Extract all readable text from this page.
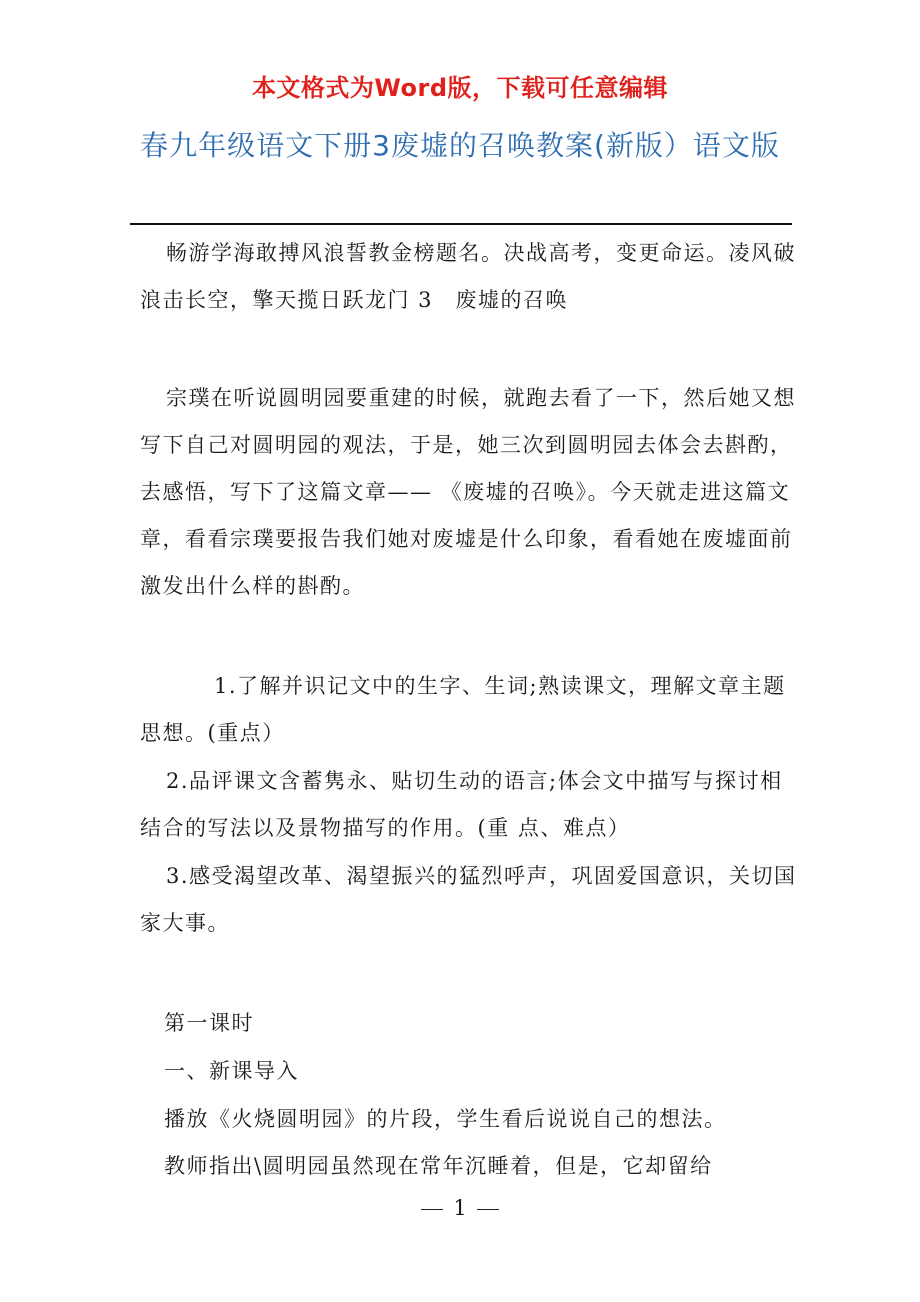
本文格式为Word版，下载可任意编辑
春九年级语文下册3废墟的召唤教案(新版）语文版

畅游学海敢搏风浪誓教金榜题名。决战高考，变更命运。凌风破浪击长空，擎天揽日跃龙门 3　废墟的召唤

宗璞在听说圆明园要重建的时候，就跑去看了一下，然后她又想写下自己对圆明园的观法，于是，她三次到圆明园去体会去斟酌，去感悟，写下了这篇文章—— 《废墟的召唤》。今天就走进这篇文章，看看宗璞要报告我们她对废墟是什么印象，看看她在废墟面前激发出什么样的斟酌。

1.了解并识记文中的生字、生词;熟读课文，理解文章主题思想。(重点）

2.品评课文含蓄隽永、贴切生动的语言;体会文中描写与探讨相结合的写法以及景物描写的作用。(重 点、难点）

3.感受渴望改革、渴望振兴的猛烈呼声，巩固爱国意识，关切国家大事。

第一课时

一、新课导入

播放《火烧圆明园》的片段，学生看后说说自己的想法。

教师指出\圆明园虽然现在常年沉睡着，但是，它却留给

1
